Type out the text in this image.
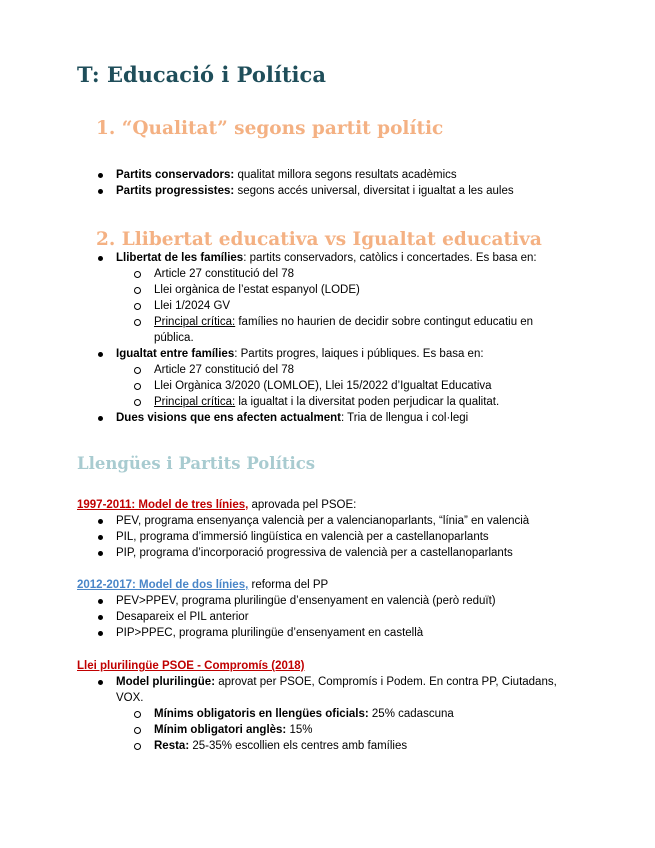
T: Educació i Política
1. “Qualitat” segons partit polític
Partits conservadors: qualitat millora segons resultats acadèmics
Partits progressistes: segons accés universal, diversitat i igualtat a les aules
2. Llibertat educativa vs Igualtat educativa
Llibertat de les famílies: partits conservadors, catòlics i concertades. Es basa en:
Article 27 constitució del 78
Llei orgànica de l’estat espanyol (LODE)
Llei 1/2024 GV
Principal crítica: famílies no haurien de decidir sobre contingut educatiu en pública.
Igualtat entre famílies: Partits progres, laiques i públiques. Es basa en:
Article 27 constitució del 78
Llei Orgànica 3/2020 (LOMLOE), Llei 15/2022 d’Igualtat Educativa
Principal crítica: la igualtat i la diversitat poden perjudicar la qualitat.
Dues visions que ens afecten actualment: Tria de llengua i col·legi
Llengües i Partits Polítics
1997-2011: Model de tres línies, aprovada pel PSOE:
PEV, programa ensenyança valencià per a valencianoparlants, “línia” en valencià
PIL, programa d’immersió lingüística en valencià per a castellanoparlants
PIP, programa d’incorporació progressiva de valencià per a castellanoparlants
2012-2017: Model de dos línies, reforma del PP
PEV>PPEV, programa plurilingüe d’ensenyament en valencià (però reduït)
Desapareix el PIL anterior
PIP>PPEC, programa plurilingüe d’ensenyament en castellà
Llei plurilingüe PSOE - Compromís (2018)
Model plurilingüe: aprovat per PSOE, Compromís i Podem. En contra PP, Ciutadans, VOX.
Mínims obligatoris en llengües oficials: 25% cadascuna
Mínim obligatori anglès: 15%
Resta: 25-35% escollien els centres amb famílies
